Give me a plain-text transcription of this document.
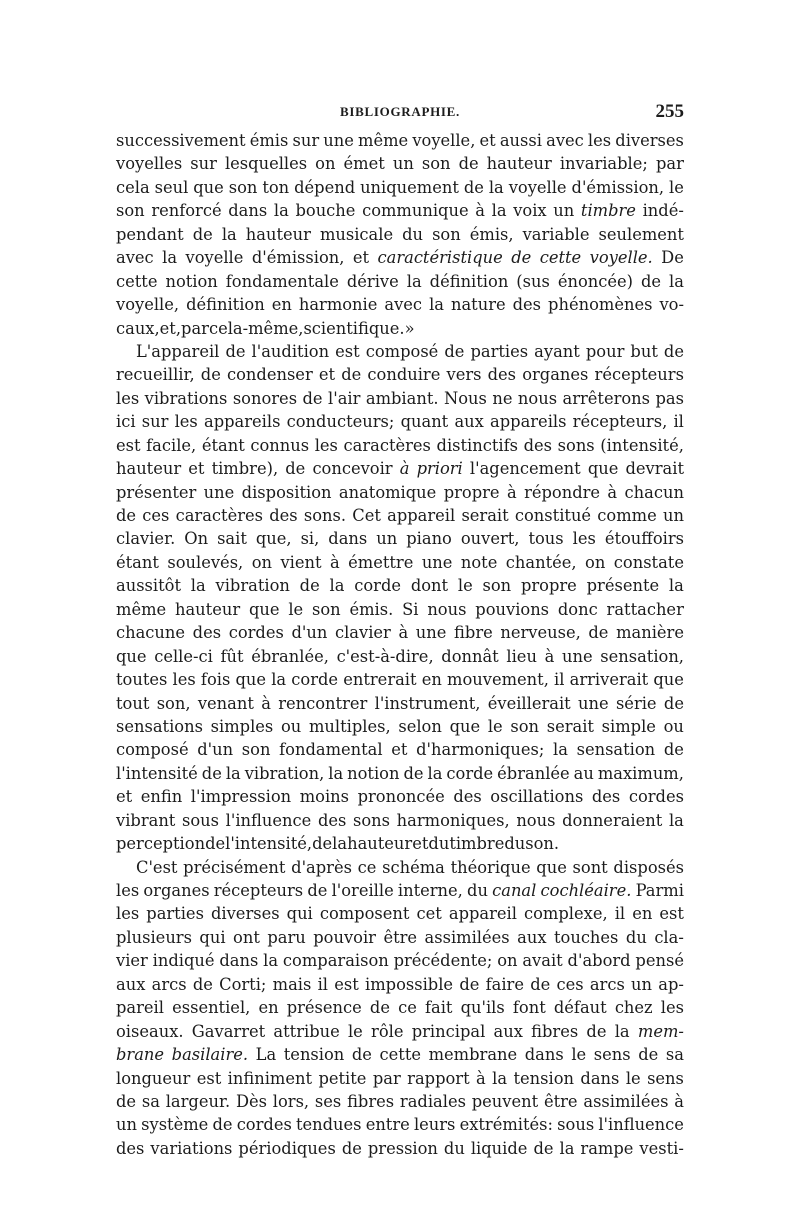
BIBLIOGRAPHIE.	255
successivement émis sur une même voyelle, et aussi avec les diverses
voyelles sur lesquelles on émet un son de hauteur invariable; par
cela seul que son ton dépend uniquement de la voyelle d'émission, le
son renforcé dans la bouche communique à la voix un timbre indé-
pendant de la hauteur musicale du son émis, variable seulement
avec la voyelle d'émission, et caractéristique de cette voyelle. De
cette notion fondamentale dérive la définition (sus énoncée) de la
voyelle, définition en harmonie avec la nature des phénomènes vo-
caux, et, par cela-même, scientifique.»
L'appareil de l'audition est composé de parties ayant pour but de
recueillir, de condenser et de conduire vers des organes récepteurs
les vibrations sonores de l'air ambiant. Nous ne nous arrêterons pas
ici sur les appareils conducteurs; quant aux appareils récepteurs, il
est facile, étant connus les caractères distinctifs des sons (intensité,
hauteur et timbre), de concevoir à priori l'agencement que devrait
présenter une disposition anatomique propre à répondre à chacun
de ces caractères des sons. Cet appareil serait constitué comme un
clavier. On sait que, si, dans un piano ouvert, tous les étouffoirs
étant soulevés, on vient à émettre une note chantée, on constate
aussitôt la vibration de la corde dont le son propre présente la
même hauteur que le son émis. Si nous pouvions donc rattacher
chacune des cordes d'un clavier à une fibre nerveuse, de manière
que celle-ci fût ébranlée, c'est-à-dire, donnât lieu à une sensation,
toutes les fois que la corde entrerait en mouvement, il arriverait que
tout son, venant à rencontrer l'instrument, éveillerait une série de
sensations simples ou multiples, selon que le son serait simple ou
composé d'un son fondamental et d'harmoniques; la sensation de
l'intensité de la vibration, la notion de la corde ébranlée au maximum,
et enfin l'impression moins prononcée des oscillations des cordes
vibrant sous l'influence des sons harmoniques, nous donneraient la
perception de l'intensité, de la hauteur et du timbre du son.
C'est précisément d'après ce schéma théorique que sont disposés
les organes récepteurs de l'oreille interne, du canal cochléaire. Parmi
les parties diverses qui composent cet appareil complexe, il en est
plusieurs qui ont paru pouvoir être assimilées aux touches du cla-
vier indiqué dans la comparaison précédente; on avait d'abord pensé
aux arcs de Corti; mais il est impossible de faire de ces arcs un ap-
pareil essentiel, en présence de ce fait qu'ils font défaut chez les
oiseaux. Gavarret attribue le rôle principal aux fibres de la mem-
brane basilaire. La tension de cette membrane dans le sens de sa
longueur est infiniment petite par rapport à la tension dans le sens
de sa largeur. Dès lors, ses fibres radiales peuvent être assimilées à
un système de cordes tendues entre leurs extrémités: sous l'influence
des variations périodiques de pression du liquide de la rampe vesti-
